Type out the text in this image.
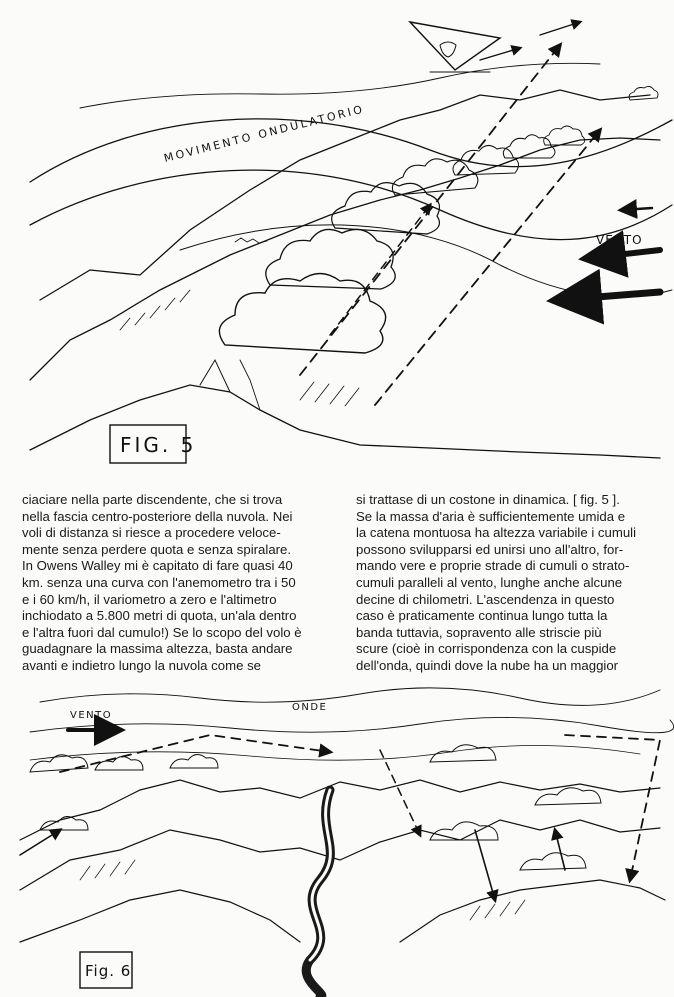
MOVIMENTO ONDULATORIO
VENTO
FIG. 5
ciaciare nella parte discendente, che si trova
nella fascia centro-posteriore della nuvola. Nei
voli di distanza si riesce a procedere veloce-
mente senza perdere quota e senza spiralare.
In Owens Walley mi è capitato di fare quasi 40
km. senza una curva con l'anemometro tra i 50
e i 60 km/h, il variometro a zero e l'altimetro
inchiodato a 5.800 metri di quota, un'ala dentro
e l'altra fuori dal cumulo!) Se lo scopo del volo è
guadagnare la massima altezza, basta andare
avanti e indietro lungo la nuvola come se
si trattase di un costone in dinamica. [ fig. 5 ].
Se la massa d'aria è sufficientemente umida e
la catena montuosa ha altezza variabile i cumuli
possono svilupparsi ed unirsi uno all'altro, for-
mando vere e proprie strade di cumuli o strato-
cumuli paralleli al vento, lunghe anche alcune
decine di chilometri. L'ascendenza in questo
caso è praticamente continua lungo tutta la
banda tuttavia, sopravento alle striscie più
scure (cioè in corrispondenza con la cuspide
dell'onda, quindi dove la nube ha un maggior
VENTO
ONDE
Fig. 6
